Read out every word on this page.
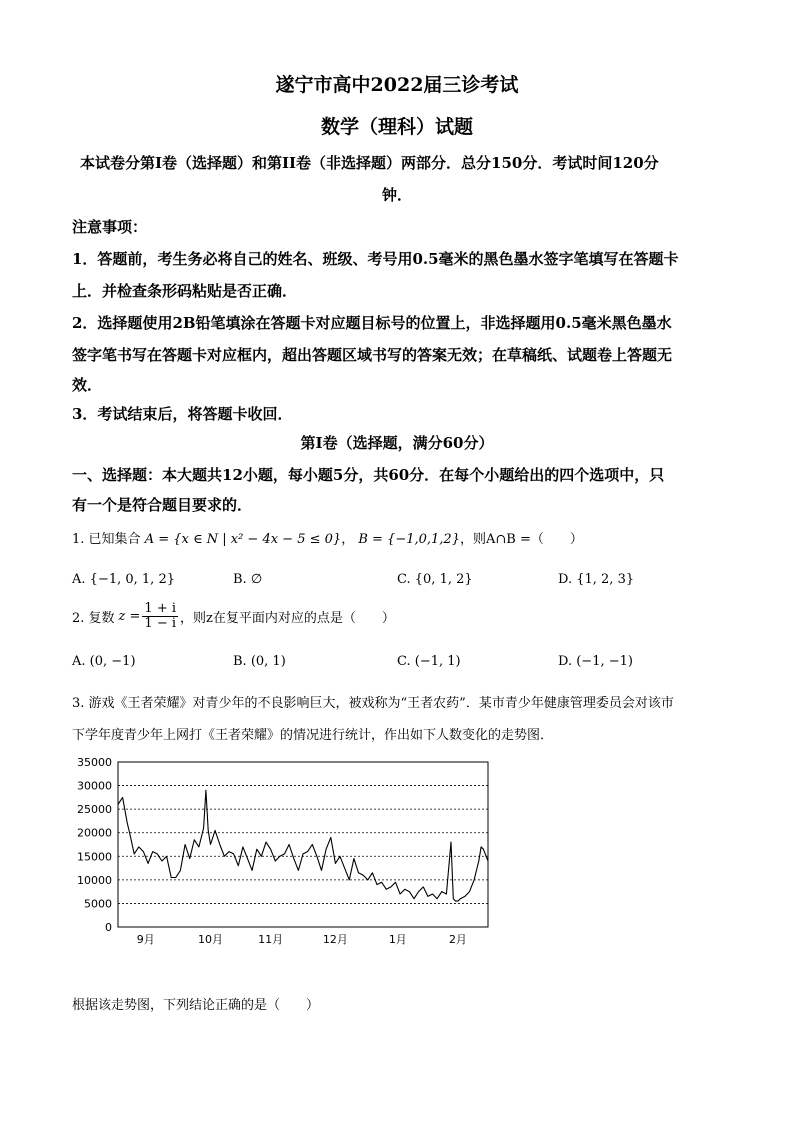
遂宁市高中2022届三诊考试
数学（理科）试题
本试卷分第I卷（选择题）和第II卷（非选择题）两部分．总分150分．考试时间120分
钟．
注意事项：
1．答题前，考生务必将自己的姓名、班级、考号用0.5毫米的黑色墨水签字笔填写在答题卡
上．并检查条形码粘贴是否正确．
2．选择题使用2B铅笔填涂在答题卡对应题目标号的位置上，非选择题用0.5毫米黑色墨水
签字笔书写在答题卡对应框内，超出答题区域书写的答案无效；在草稿纸、试题卷上答题无
效．
3．考试结束后，将答题卡收回．
第I卷（选择题，满分60分）
一、选择题：本大题共12小题，每小题5分，共60分．在每个小题给出的四个选项中，只
有一个是符合题目要求的．
1. 已知集合 A = {x ∈ N | x² − 4x − 5 ≤ 0}， B = {−1,0,1,2}，则A∩B =（　　）
A. {−1, 0, 1, 2}	B. ∅	C. {0, 1, 2}	D. {1, 2, 3}
2. 复数 $z = \frac{1 + i}{1 - i}$ ，则z在复平面内对应的点是（　　）
A. (0, −1)	B. (0, 1)	C. (−1, 1)	D. (−1, −1)
3. 游戏《王者荣耀》对青少年的不良影响巨大，被戏称为“王者农药”．某市青少年健康管理委员会对该市
下学年度青少年上网打《王者荣耀》的情况进行统计，作出如下人数变化的走势图．
35000
30000
25000
20000
15000
10000
5000
0
9月	10月	11月	12月	1月	2月
根据该走势图，下列结论正确的是（　　）
